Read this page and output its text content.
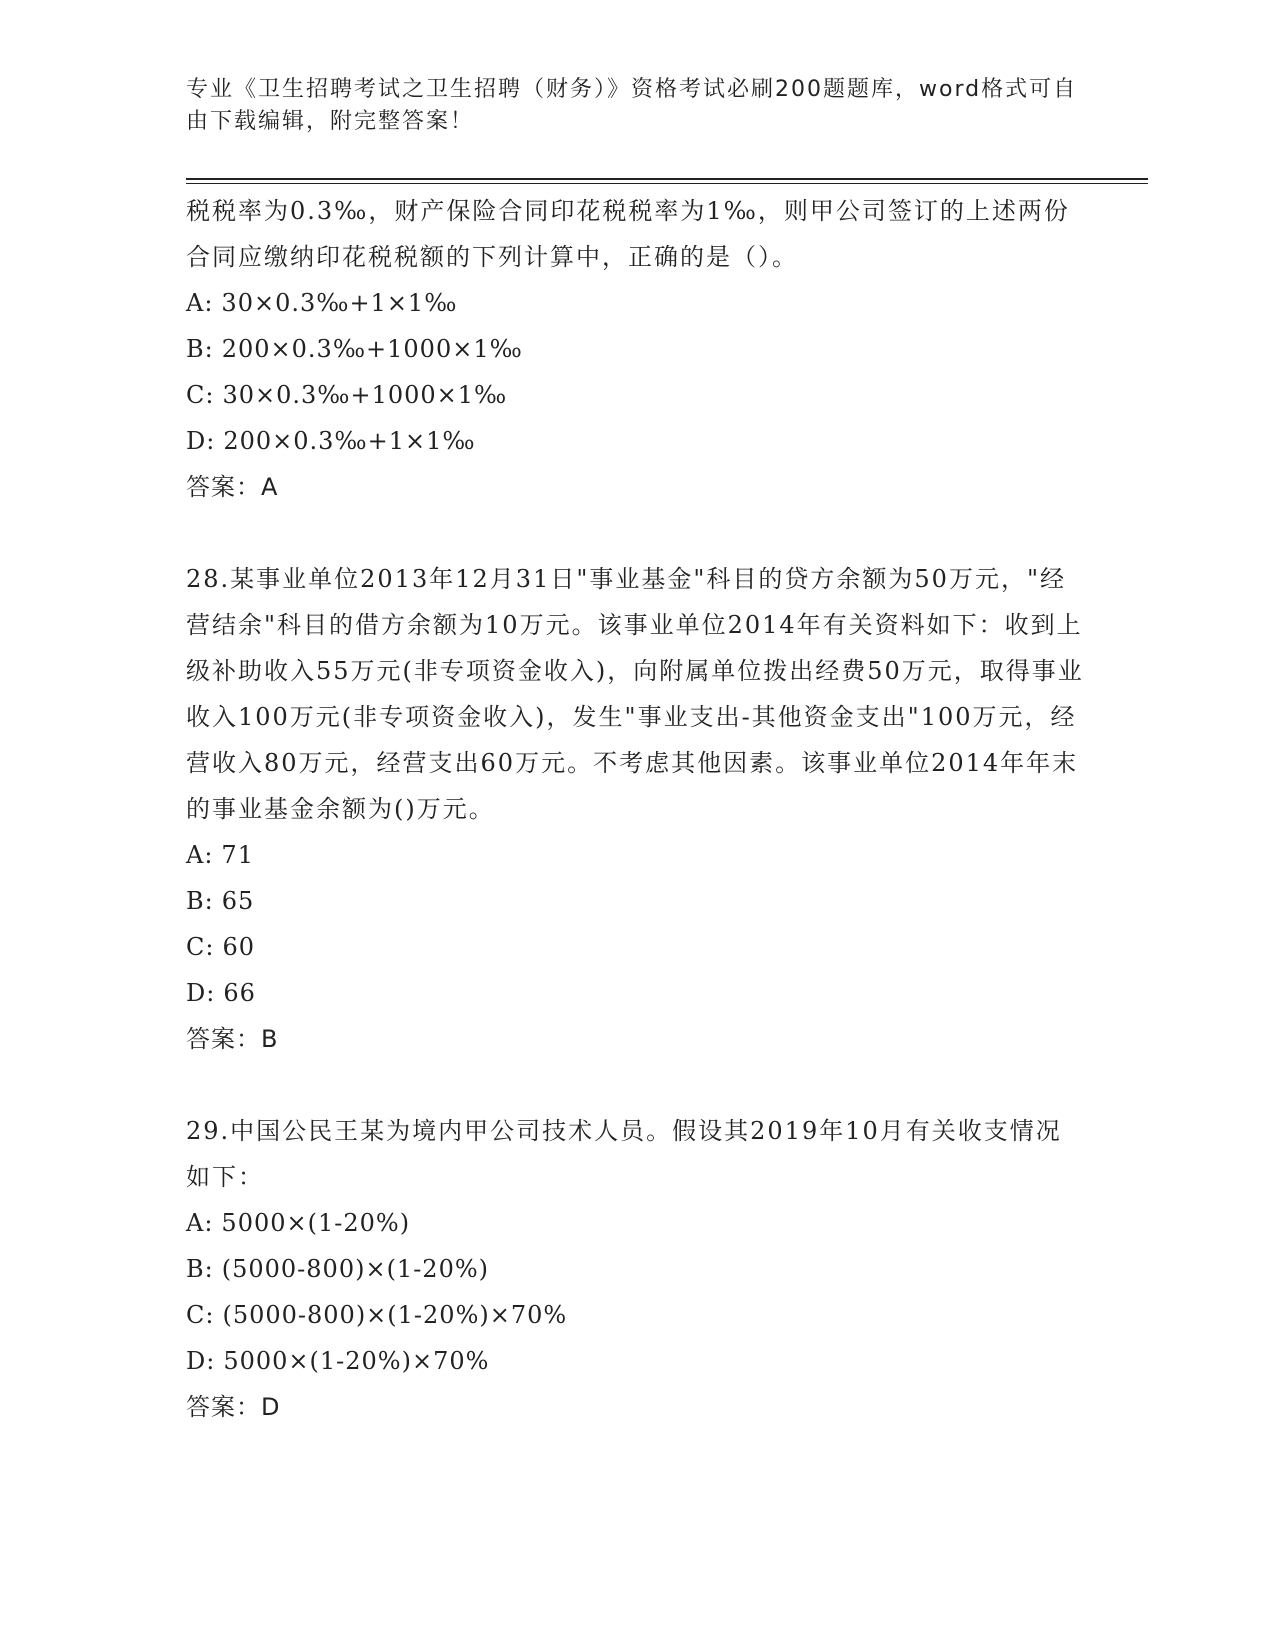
专业《卫生招聘考试之卫生招聘（财务）》资格考试必刷200题题库，word格式可自由下载编辑，附完整答案！
税税率为0.3‰，财产保险合同印花税税率为1‰，则甲公司签订的上述两份合同应缴纳印花税税额的下列计算中，正确的是（）。
A: 30×0.3‰+1×1‰
B: 200×0.3‰+1000×1‰
C: 30×0.3‰+1000×1‰
D: 200×0.3‰+1×1‰
答案：A
28.某事业单位2013年12月31日"事业基金"科目的贷方余额为50万元，"经营结余"科目的借方余额为10万元。该事业单位2014年有关资料如下：收到上级补助收入55万元(非专项资金收入)，向附属单位拨出经费50万元，取得事业收入100万元(非专项资金收入)，发生"事业支出-其他资金支出"100万元，经营收入80万元，经营支出60万元。不考虑其他因素。该事业单位2014年年末的事业基金余额为()万元。
A: 71
B: 65
C: 60
D: 66
答案：B
29.中国公民王某为境内甲公司技术人员。假设其2019年10月有关收支情况如下：
A: 5000×(1-20%)
B: (5000-800)×(1-20%)
C: (5000-800)×(1-20%)×70%
D: 5000×(1-20%)×70%
答案：D
